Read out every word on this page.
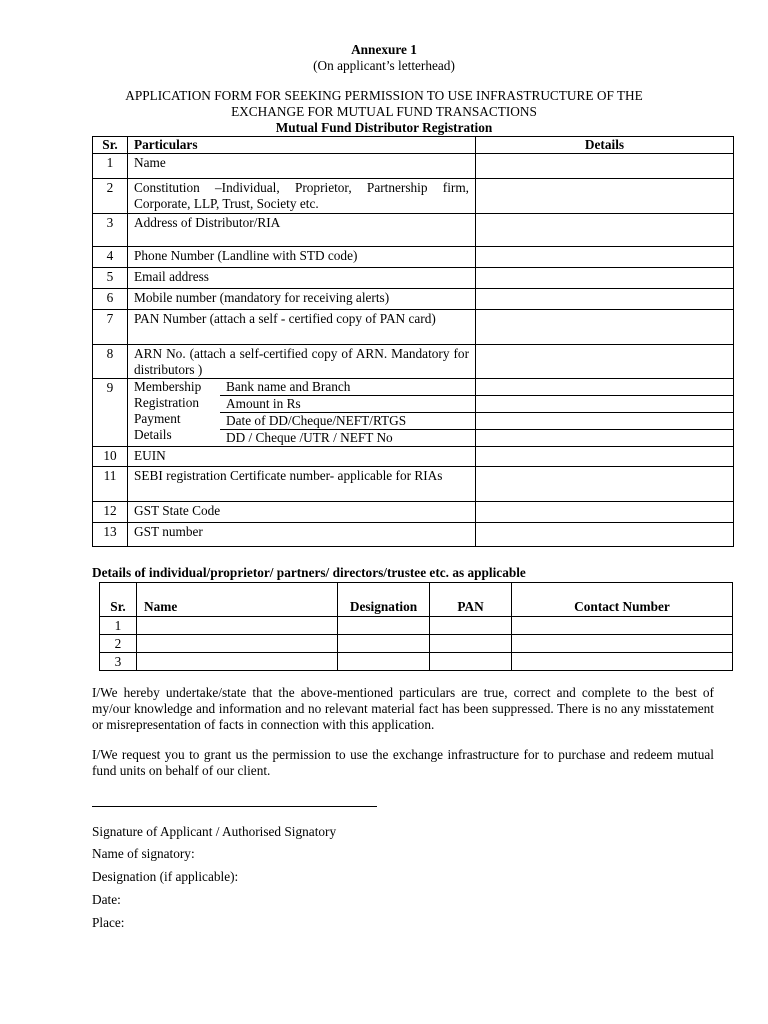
Annexure 1
(On applicant’s letterhead)
APPLICATION FORM FOR SEEKING PERMISSION TO USE INFRASTRUCTURE OF THE EXCHANGE FOR MUTUAL FUND TRANSACTIONS
Mutual Fund Distributor Registration
Sr.	Particulars	Details
1	Name	
2	Constitution –Individual, Proprietor, Partnership firm, Corporate, LLP, Trust, Society etc.	
3	Address of Distributor/RIA	
4	Phone Number (Landline with STD code)	
5	Email address	
6	Mobile number (mandatory for receiving alerts)	
7	PAN Number (attach a self - certified copy of PAN card)	
8	ARN No. (attach a self-certified copy of ARN. Mandatory for distributors )	
9	Membership Registration Payment Details	Bank name and Branch
Amount in Rs
Date of DD/Cheque/NEFT/RTGS
DD / Cheque /UTR / NEFT No

10	EUIN	
11	SEBI registration Certificate number- applicable for RIAs	
12	GST State Code	
13	GST number	
Details of individual/proprietor/ partners/ directors/trustee etc. as applicable
Sr.	Name	Designation	PAN	Contact Number
1				
2				
3				
I/We hereby undertake/state that the above-mentioned particulars are true, correct and complete to the best of my/our knowledge and information and no relevant material fact has been suppressed. There is no any misstatement or misrepresentation of facts in connection with this application.
I/We request you to grant us the permission to use the exchange infrastructure for to purchase and redeem mutual fund units on behalf of our client.
Signature of Applicant / Authorised Signatory
Name of signatory:
Designation (if applicable):
Date:
Place:
